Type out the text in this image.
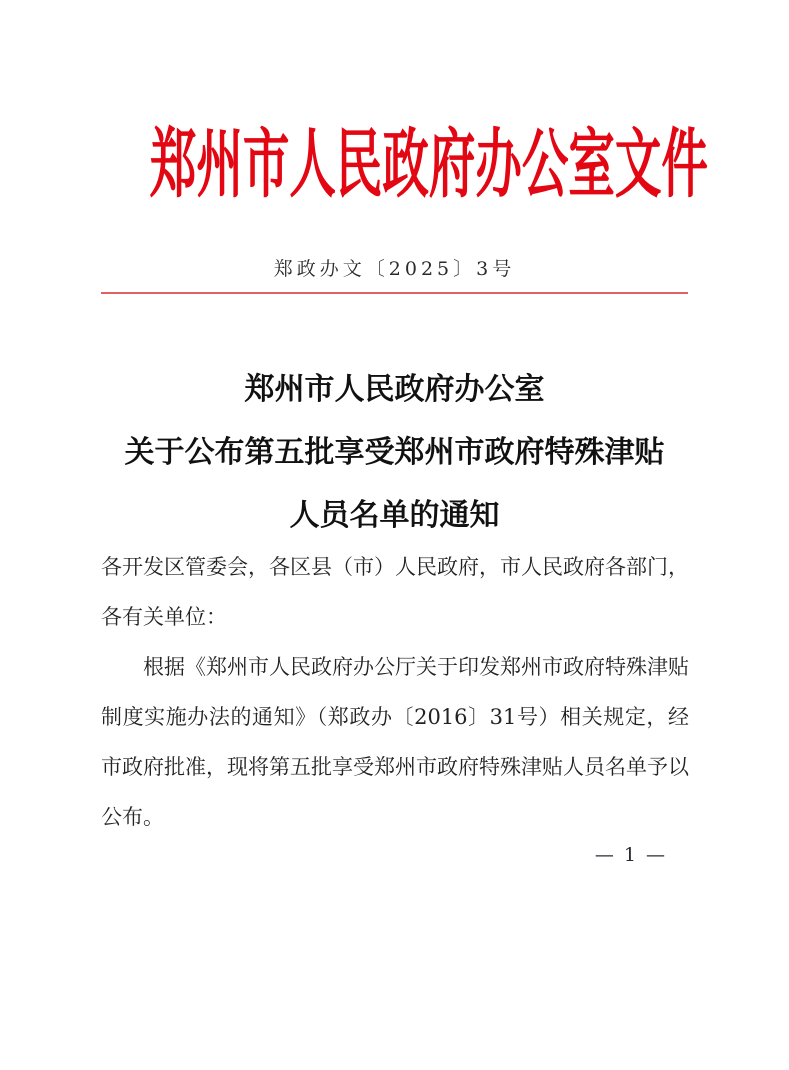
郑州市人民政府办公室文件
郑政办文〔2025〕3号
郑州市人民政府办公室
关于公布第五批享受郑州市政府特殊津贴
人员名单的通知

各开发区管委会，各区县（市）人民政府，市人民政府各部门，各有关单位：

根据《郑州市人民政府办公厅关于印发郑州市政府特殊津贴制度实施办法的通知》（郑政办〔2016〕31号）相关规定，经市政府批准，现将第五批享受郑州市政府特殊津贴人员名单予以公布。

— 1 —
